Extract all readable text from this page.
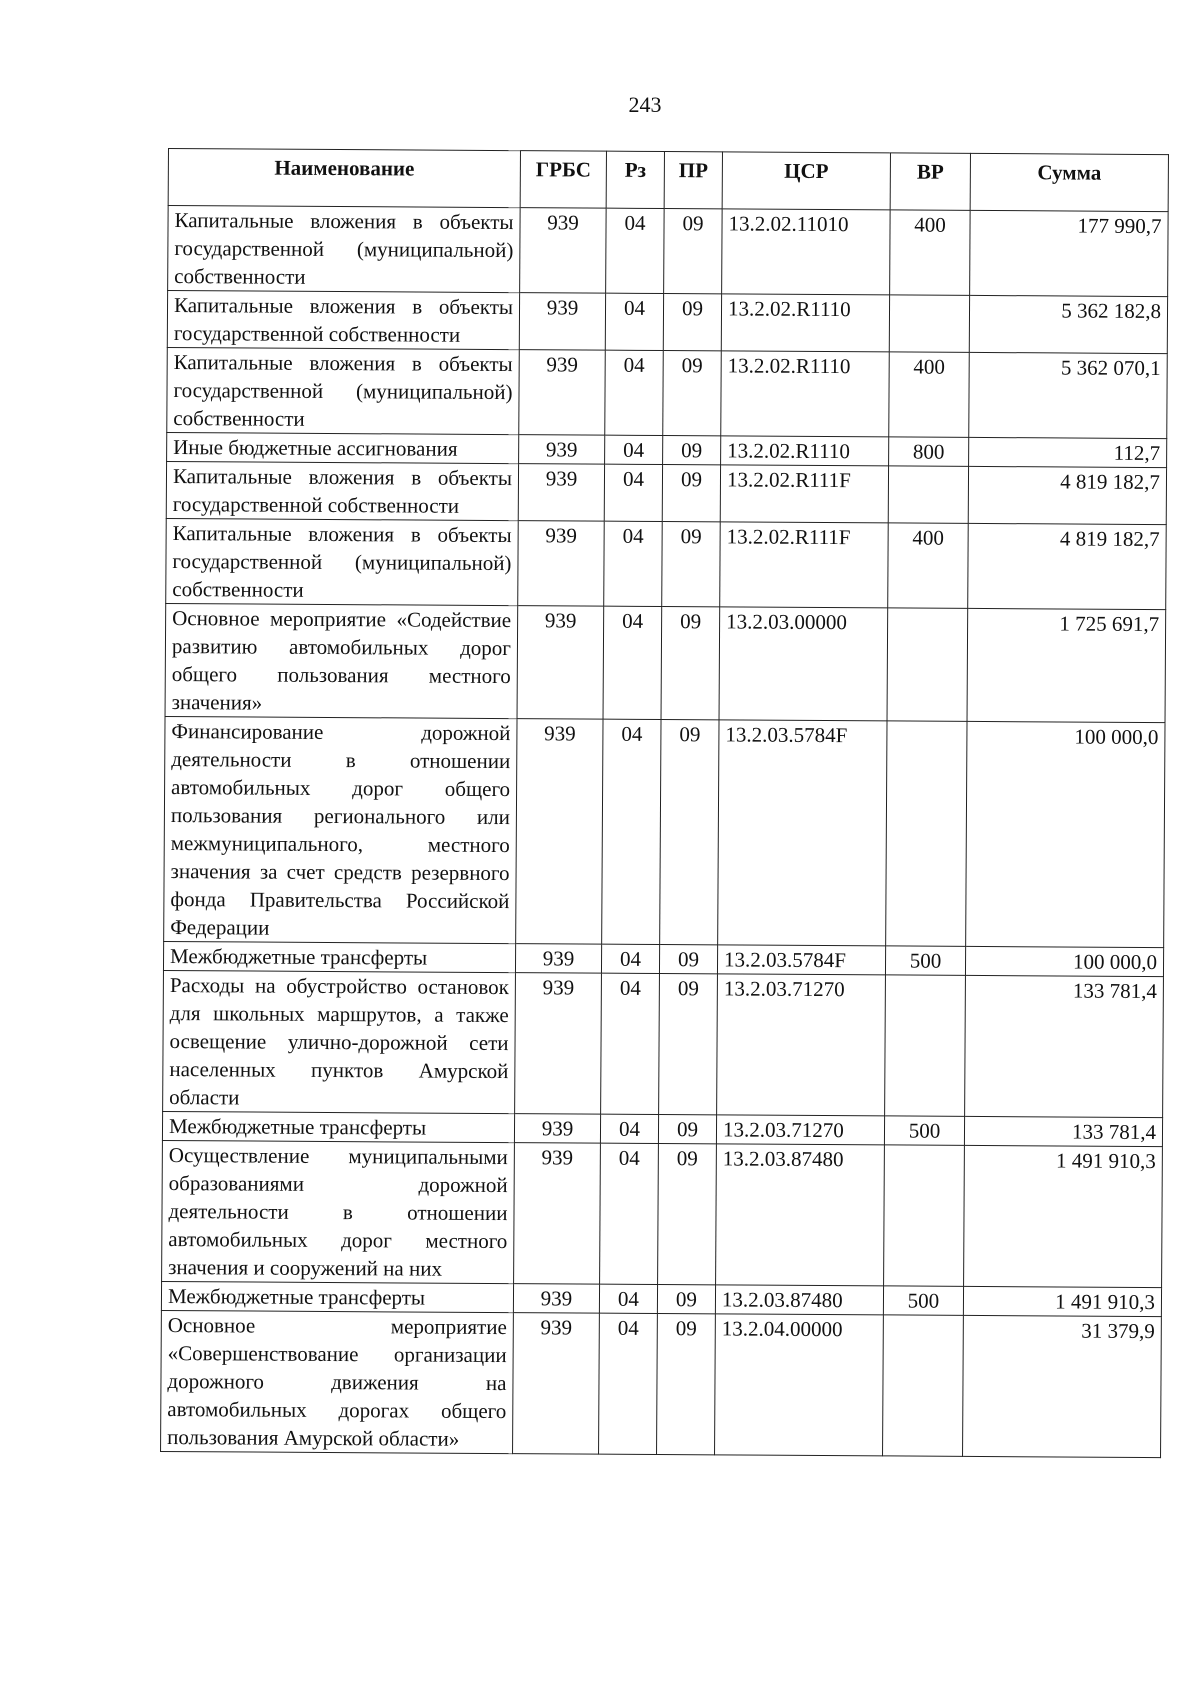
243
Наименование	ГРБС	Рз	ПР	ЦСР	ВР	Сумма
Капитальные вложения в объекты государственной (муниципальной) собственности	939	04	09	13.2.02.11010	400	177 990,7
Капитальные вложения в объекты государственной собственности	939	04	09	13.2.02.R1110		5 362 182,8
Капитальные вложения в объекты государственной (муниципальной) собственности	939	04	09	13.2.02.R1110	400	5 362 070,1
Иные бюджетные ассигнования	939	04	09	13.2.02.R1110	800	112,7
Капитальные вложения в объекты государственной собственности	939	04	09	13.2.02.R111F		4 819 182,7
Капитальные вложения в объекты государственной (муниципальной) собственности	939	04	09	13.2.02.R111F	400	4 819 182,7
Основное мероприятие «Содействие развитию автомобильных дорог общего пользования местного значения»	939	04	09	13.2.03.00000		1 725 691,7
Финансирование дорожной деятельности в отношении автомобильных дорог общего пользования регионального или межмуниципального, местного значения за счет средств резервного фонда Правительства Российской Федерации	939	04	09	13.2.03.5784F		100 000,0
Межбюджетные трансферты	939	04	09	13.2.03.5784F	500	100 000,0
Расходы на обустройство остановок для школьных маршрутов, а также освещение улично-дорожной сети населенных пунктов Амурской области	939	04	09	13.2.03.71270		133 781,4
Межбюджетные трансферты	939	04	09	13.2.03.71270	500	133 781,4
Осуществление муниципальными образованиями дорожной деятельности в отношении автомобильных дорог местного значения и сооружений на них	939	04	09	13.2.03.87480		1 491 910,3
Межбюджетные трансферты	939	04	09	13.2.03.87480	500	1 491 910,3
Основное мероприятие «Совершенствование организации дорожного движения на автомобильных дорогах общего пользования Амурской области»	939	04	09	13.2.04.00000		31 379,9
